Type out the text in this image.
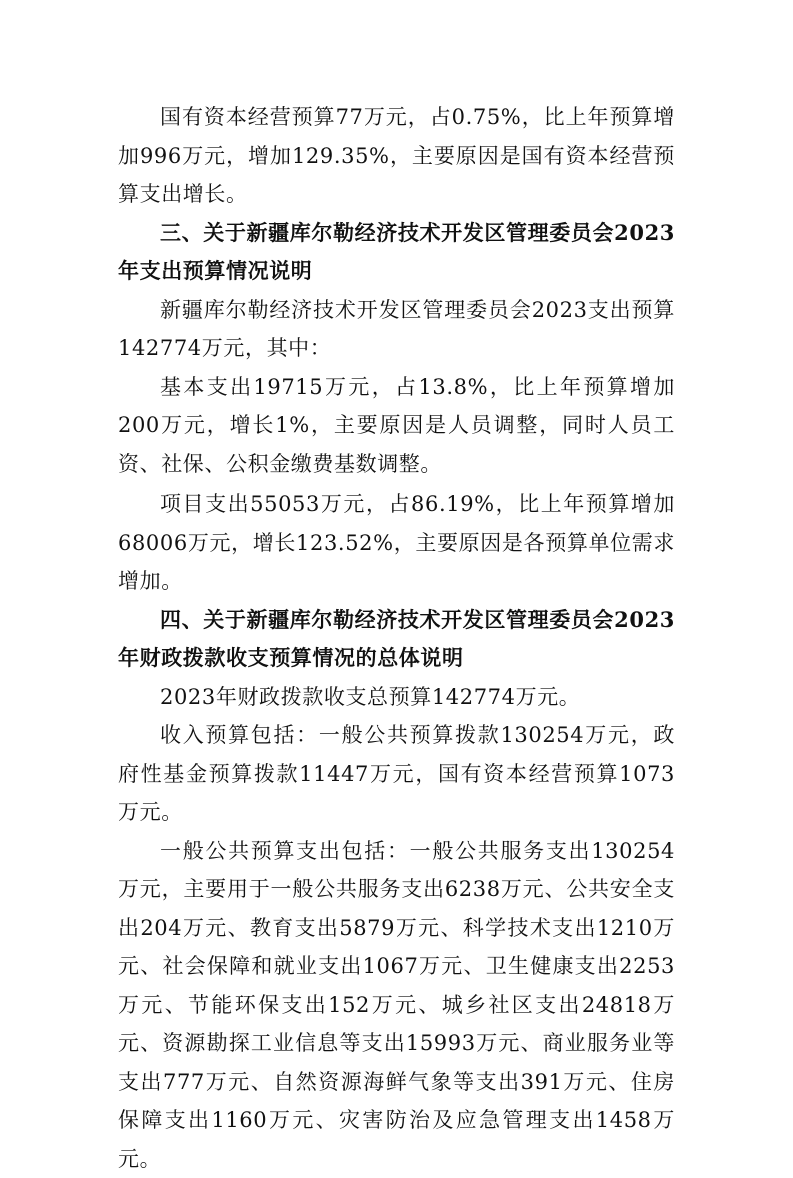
国有资本经营预算77万元，占0.75%，比上年预算增加996万元，增加129.35%，主要原因是国有资本经营预算支出增长。

三、关于新疆库尔勒经济技术开发区管理委员会2023年支出预算情况说明

新疆库尔勒经济技术开发区管理委员会2023支出预算142774万元，其中：

基本支出19715万元，占13.8%，比上年预算增加200万元，增长1%，主要原因是人员调整，同时人员工资、社保、公积金缴费基数调整。

项目支出55053万元，占86.19%，比上年预算增加68006万元，增长123.52%，主要原因是各预算单位需求增加。

四、关于新疆库尔勒经济技术开发区管理委员会2023年财政拨款收支预算情况的总体说明

2023年财政拨款收支总预算142774万元。

收入预算包括：一般公共预算拨款130254万元，政府性基金预算拨款11447万元，国有资本经营预算1073万元。

一般公共预算支出包括：一般公共服务支出130254万元，主要用于一般公共服务支出6238万元、公共安全支出204万元、教育支出5879万元、科学技术支出1210万元、社会保障和就业支出1067万元、卫生健康支出2253万元、节能环保支出152万元、城乡社区支出24818万元、资源勘探工业信息等支出15993万元、商业服务业等支出777万元、自然资源海鲜气象等支出391万元、住房保障支出1160万元、灾害防治及应急管理支出1458万元。
